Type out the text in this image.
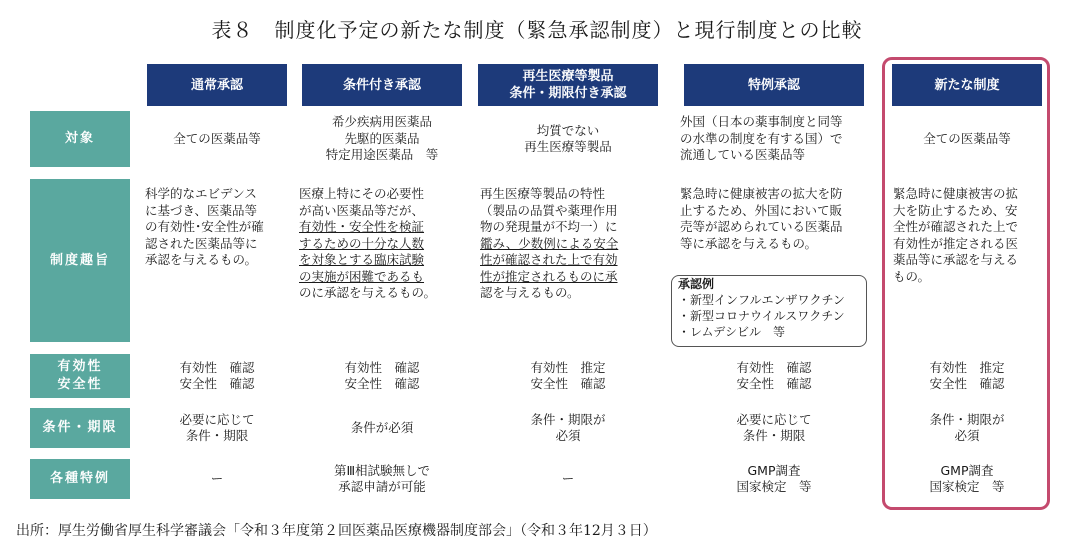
表８　制度化予定の新たな制度（緊急承認制度）と現行制度との比較
通常承認	条件付き承認
再生医療等製品
条件・期限付き承認
特例承認	新たな制度
対象
制度趣旨
有効性
安全性
条件・期限
各種特例
全ての医薬品等
希少疾病用医薬品
先駆的医薬品
特定用途医薬品　等
均質でない
再生医療等製品
外国（日本の薬事制度と同等
の水準の制度を有する国）で
流通している医薬品等
全ての医薬品等
科学的なエビデンス
に基づき、医薬品等
の有効性･安全性が確
認された医薬品等に
承認を与えるもの。
医療上特にその必要性
が高い医薬品等だが、
有効性・安全性を検証
するための十分な人数
を対象とする臨床試験
の実施が困難であるも
のに承認を与えるもの。
再生医療等製品の特性
（製品の品質や薬理作用
物の発現量が不均一）に
鑑み、少数例による安全
性が確認された上で有効
性が推定されるものに承
認を与えるもの。
緊急時に健康被害の拡大を防
止するため、外国において販
売等が認められている医薬品
等に承認を与えるもの。
承認例
・新型インフルエンザワクチン
・新型コロナウイルスワクチン
・レムデシビル　等
緊急時に健康被害の拡
大を防止するため、安
全性が確認された上で
有効性が推定される医
薬品等に承認を与える
もの。
有効性　確認
安全性　確認
有効性　確認
安全性　確認
有効性　推定
安全性　確認
有効性　確認
安全性　確認
有効性　推定
安全性　確認
必要に応じて
条件・期限
条件が必須
条件・期限が
必須
必要に応じて
条件・期限
条件・期限が
必須
ー
第Ⅲ相試験無しで
承認申請が可能
ー
GMP調査
国家検定　等
GMP調査
国家検定　等
出所：厚生労働省厚生科学審議会「令和３年度第２回医薬品医療機器制度部会」（令和３年12月３日）
